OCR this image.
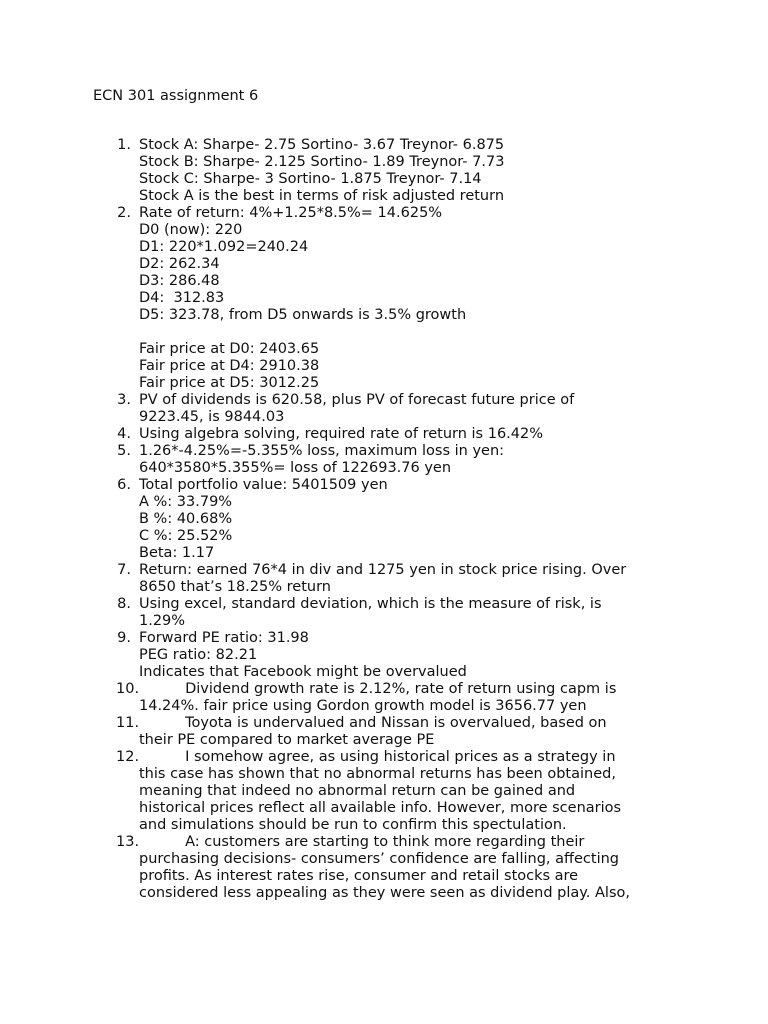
ECN 301 assignment 6
1. Stock A: Sharpe- 2.75 Sortino- 3.67 Treynor- 6.875
Stock B: Sharpe- 2.125 Sortino- 1.89 Treynor- 7.73
Stock C: Sharpe- 3 Sortino- 1.875 Treynor- 7.14
Stock A is the best in terms of risk adjusted return
2. Rate of return: 4%+1.25*8.5%= 14.625%
D0 (now): 220
D1: 220*1.092=240.24
D2: 262.34
D3: 286.48
D4:  312.83
D5: 323.78, from D5 onwards is 3.5% growth
Fair price at D0: 2403.65
Fair price at D4: 2910.38
Fair price at D5: 3012.25
3. PV of dividends is 620.58, plus PV of forecast future price of
9223.45, is 9844.03
4. Using algebra solving, required rate of return is 16.42%
5. 1.26*-4.25%=-5.355% loss, maximum loss in yen:
640*3580*5.355%= loss of 122693.76 yen
6. Total portfolio value: 5401509 yen
A %: 33.79%
B %: 40.68%
C %: 25.52%
Beta: 1.17
7. Return: earned 76*4 in div and 1275 yen in stock price rising. Over
8650 that’s 18.25% return
8. Using excel, standard deviation, which is the measure of risk, is
1.29%
9. Forward PE ratio: 31.98
PEG ratio: 82.21
Indicates that Facebook might be overvalued
10. Dividend growth rate is 2.12%, rate of return using capm is
14.24%. fair price using Gordon growth model is 3656.77 yen
11. Toyota is undervalued and Nissan is overvalued, based on
their PE compared to market average PE
12. I somehow agree, as using historical prices as a strategy in
this case has shown that no abnormal returns has been obtained,
meaning that indeed no abnormal return can be gained and
historical prices reflect all available info. However, more scenarios
and simulations should be run to confirm this spectulation.
13. A: customers are starting to think more regarding their
purchasing decisions- consumers’ confidence are falling, affecting
profits. As interest rates rise, consumer and retail stocks are
considered less appealing as they were seen as dividend play. Also,
